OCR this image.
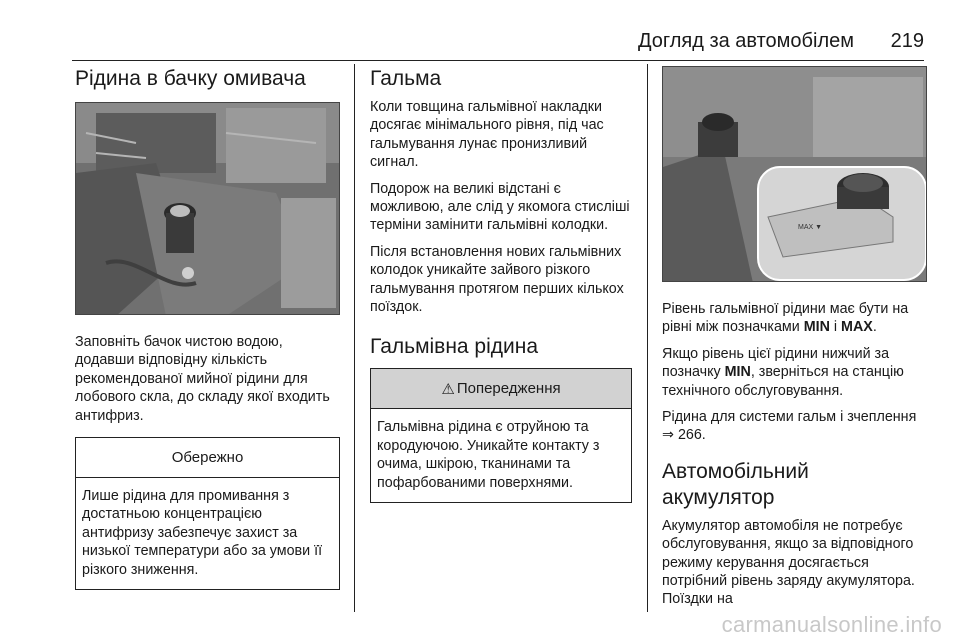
Догляд за автомобілем 219
Рідина в бачку омивача

Заповніть бачок чистою водою, додавши відповідну кількість рекомендованої мийної рідини для лобового скла, до складу якої входить антифриз.

Обережно
Лише рідина для промивання з достатньою концентрацією антифризу забезпечує захист за низької температури або за умови її різкого зниження.
Гальма

Коли товщина гальмівної накладки досягає мінімального рівня, під час гальмування лунає пронизливий сигнал.

Подорож на великі відстані є можливою, але слід у якомога стисліші терміни замінити гальмівні колодки.

Після встановлення нових гальмівних колодок уникайте зайвого різкого гальмування протягом перших кількох поїздок.

Гальмівна рідина
⚠ Попередження
Гальмівна рідина є отруйною та кородуючою. Уникайте контакту з очима, шкірою, тканинами та пофарбованими поверхнями.
MAX ▼

Рівень гальмівної рідини має бути на рівні між позначками MIN і MAX.

Якщо рівень цієї рідини нижчий за позначку MIN, зверніться на станцію технічного обслуговування.

Рідина для системи гальм і зчеплення ⇒ 266.

Автомобільний акумулятор

Акумулятор автомобіля не потребує обслуговування, якщо за відповідного режиму керування досягається потрібний рівень заряду акумулятора. Поїздки на

carmanualsonline.info
